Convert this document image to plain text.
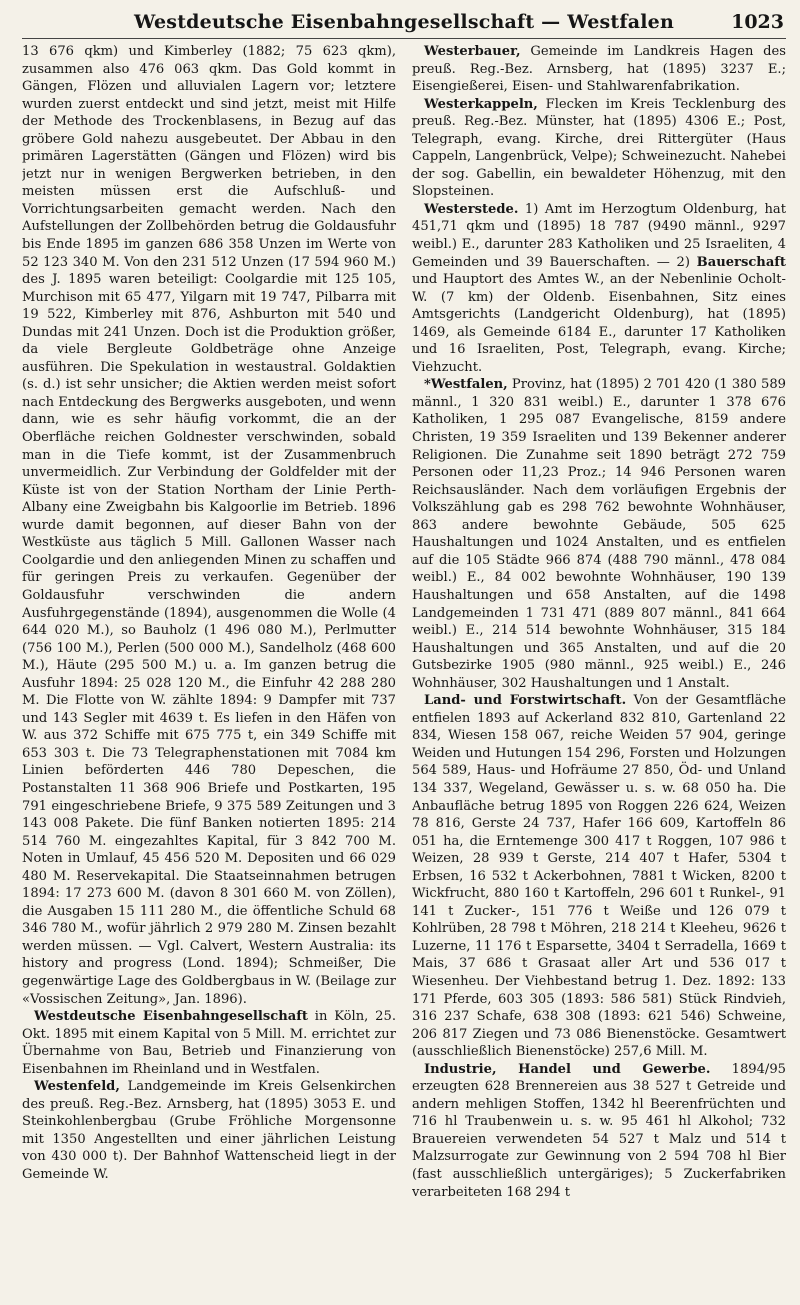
Westdeutsche Eisenbahngesellschaft — Westfalen	1023

13 676 qkm) und Kimberley (1882; 75 623 qkm), zusammen also 476 063 qkm. Das Gold kommt in Gängen, Flözen und alluvialen Lagern vor; letztere wurden zuerst entdeckt und sind jetzt, meist mit Hilfe der Methode des Trockenblasens, in Bezug auf das gröbere Gold nahezu ausgebeutet. Der Abbau in den primären Lagerstätten (Gängen und Flözen) wird bis jetzt nur in wenigen Bergwerken betrieben, in den meisten müssen erst die Aufschluß- und Vorrichtungsarbeiten gemacht werden. Nach den Aufstellungen der Zollbehörden betrug die Goldausfuhr bis Ende 1895 im ganzen 686 358 Unzen im Werte von 52 123 340 M. Von den 231 512 Unzen (17 594 960 M.) des J. 1895 waren beteiligt: Coolgardie mit 125 105, Murchison mit 65 477, Yilgarn mit 19 747, Pilbarra mit 19 522, Kimberley mit 876, Ashburton mit 540 und Dundas mit 241 Unzen. Doch ist die Produktion größer, da viele Bergleute Goldbeträge ohne Anzeige ausführen. Die Spekulation in westaustral. Goldaktien (s. d.) ist sehr unsicher; die Aktien werden meist sofort nach Entdeckung des Bergwerks ausgeboten, und wenn dann, wie es sehr häufig vorkommt, die an der Oberfläche reichen Goldnester verschwinden, sobald man in die Tiefe kommt, ist der Zusammenbruch unvermeidlich. Zur Verbindung der Goldfelder mit der Küste ist von der Station Northam der Linie Perth-Albany eine Zweigbahn bis Kalgoorlie im Betrieb. 1896 wurde damit begonnen, auf dieser Bahn von der Westküste aus täglich 5 Mill. Gallonen Wasser nach Coolgardie und den anliegenden Minen zu schaffen und für geringen Preis zu verkaufen. Gegenüber der Goldausfuhr verschwinden die andern Ausfuhrgegenstände (1894), ausgenommen die Wolle (4 644 020 M.), so Bauholz (1 496 080 M.), Perlmutter (756 100 M.), Perlen (500 000 M.), Sandelholz (468 600 M.), Häute (295 500 M.) u. a. Im ganzen betrug die Ausfuhr 1894: 25 028 120 M., die Einfuhr 42 288 280 M. Die Flotte von W. zählte 1894: 9 Dampfer mit 737 und 143 Segler mit 4639 t. Es liefen in den Häfen von W. aus 372 Schiffe mit 675 775 t, ein 349 Schiffe mit 653 303 t. Die 73 Telegraphenstationen mit 7084 km Linien beförderten 446 780 Depeschen, die Postanstalten 11 368 906 Briefe und Postkarten, 195 791 eingeschriebene Briefe, 9 375 589 Zeitungen und 3 143 008 Pakete. Die fünf Banken notierten 1895: 214 514 760 M. eingezahltes Kapital, für 3 842 700 M. Noten in Umlauf, 45 456 520 M. Depositen und 66 029 480 M. Reservekapital. Die Staatseinnahmen betrugen 1894: 17 273 600 M. (davon 8 301 660 M. von Zöllen), die Ausgaben 15 111 280 M., die öffentliche Schuld 68 346 780 M., wofür jährlich 2 979 280 M. Zinsen bezahlt werden müssen. — Vgl. Calvert, Western Australia: its history and progress (Lond. 1894); Schmeißer, Die gegenwärtige Lage des Goldbergbaus in W. (Beilage zur «Vossischen Zeitung», Jan. 1896).

Westdeutsche Eisenbahngesellschaft in Köln, 25. Okt. 1895 mit einem Kapital von 5 Mill. M. errichtet zur Übernahme von Bau, Betrieb und Finanzierung von Eisenbahnen im Rheinland und in Westfalen.

Westenfeld, Landgemeinde im Kreis Gelsenkirchen des preuß. Reg.-Bez. Arnsberg, hat (1895) 3053 E. und Steinkohlenbergbau (Grube Fröhliche Morgensonne mit 1350 Angestellten und einer jährlichen Leistung von 430 000 t). Der Bahnhof Wattenscheid liegt in der Gemeinde W.

Westerbauer, Gemeinde im Landkreis Hagen des preuß. Reg.-Bez. Arnsberg, hat (1895) 3237 E.; Eisengießerei, Eisen- und Stahlwarenfabrikation.

Westerkappeln, Flecken im Kreis Tecklenburg des preuß. Reg.-Bez. Münster, hat (1895) 4306 E.; Post, Telegraph, evang. Kirche, drei Rittergüter (Haus Cappeln, Langenbrück, Velpe); Schweinezucht. Nahebei der sog. Gabellin, ein bewaldeter Höhenzug, mit den Slopsteinen.

Westerstede. 1) Amt im Herzogtum Oldenburg, hat 451,71 qkm und (1895) 18 787 (9490 männl., 9297 weibl.) E., darunter 283 Katholiken und 25 Israeliten, 4 Gemeinden und 39 Bauerschaften. — 2) Bauerschaft und Hauptort des Amtes W., an der Nebenlinie Ocholt-W. (7 km) der Oldenb. Eisenbahnen, Sitz eines Amtsgerichts (Landgericht Oldenburg), hat (1895) 1469, als Gemeinde 6184 E., darunter 17 Katholiken und 16 Israeliten, Post, Telegraph, evang. Kirche; Viehzucht.

*Westfalen, Provinz, hat (1895) 2 701 420 (1 380 589 männl., 1 320 831 weibl.) E., darunter 1 378 676 Katholiken, 1 295 087 Evangelische, 8159 andere Christen, 19 359 Israeliten und 139 Bekenner anderer Religionen. Die Zunahme seit 1890 beträgt 272 759 Personen oder 11,23 Proz.; 14 946 Personen waren Reichsausländer. Nach dem vorläufigen Ergebnis der Volkszählung gab es 298 762 bewohnte Wohnhäuser, 863 andere bewohnte Gebäude, 505 625 Haushaltungen und 1024 Anstalten, und es entfielen auf die 105 Städte 966 874 (488 790 männl., 478 084 weibl.) E., 84 002 bewohnte Wohnhäuser, 190 139 Haushaltungen und 658 Anstalten, auf die 1498 Landgemeinden 1 731 471 (889 807 männl., 841 664 weibl.) E., 214 514 bewohnte Wohnhäuser, 315 184 Haushaltungen und 365 Anstalten, und auf die 20 Gutsbezirke 1905 (980 männl., 925 weibl.) E., 246 Wohnhäuser, 302 Haushaltungen und 1 Anstalt.

Land- und Forstwirtschaft. Von der Gesamtfläche entfielen 1893 auf Ackerland 832 810, Gartenland 22 834, Wiesen 158 067, reiche Weiden 57 904, geringe Weiden und Hutungen 154 296, Forsten und Holzungen 564 589, Haus- und Hofräume 27 850, Öd- und Unland 134 337, Wegeland, Gewässer u. s. w. 68 050 ha. Die Anbaufläche betrug 1895 von Roggen 226 624, Weizen 78 816, Gerste 24 737, Hafer 166 609, Kartoffeln 86 051 ha, die Erntemenge 300 417 t Roggen, 107 986 t Weizen, 28 939 t Gerste, 214 407 t Hafer, 5304 t Erbsen, 16 532 t Ackerbohnen, 7881 t Wicken, 8200 t Wickfrucht, 880 160 t Kartoffeln, 296 601 t Runkel-, 91 141 t Zucker-, 151 776 t Weiße und 126 079 t Kohlrüben, 28 798 t Möhren, 218 214 t Kleeheu, 9626 t Luzerne, 11 176 t Esparsette, 3404 t Serradella, 1669 t Mais, 37 686 t Grasaat aller Art und 536 017 t Wiesenheu. Der Viehbestand betrug 1. Dez. 1892: 133 171 Pferde, 603 305 (1893: 586 581) Stück Rindvieh, 316 237 Schafe, 638 308 (1893: 621 546) Schweine, 206 817 Ziegen und 73 086 Bienenstöcke. Gesamtwert (ausschließlich Bienenstöcke) 257,6 Mill. M.

Industrie, Handel und Gewerbe. 1894/95 erzeugten 628 Brennereien aus 38 527 t Getreide und andern mehligen Stoffen, 1342 hl Beerenfrüchten und 716 hl Traubenwein u. s. w. 95 461 hl Alkohol; 732 Brauereien verwendeten 54 527 t Malz und 514 t Malzsurrogate zur Gewinnung von 2 594 708 hl Bier (fast ausschließlich untergäriges); 5 Zuckerfabriken verarbeiteten 168 294 t
